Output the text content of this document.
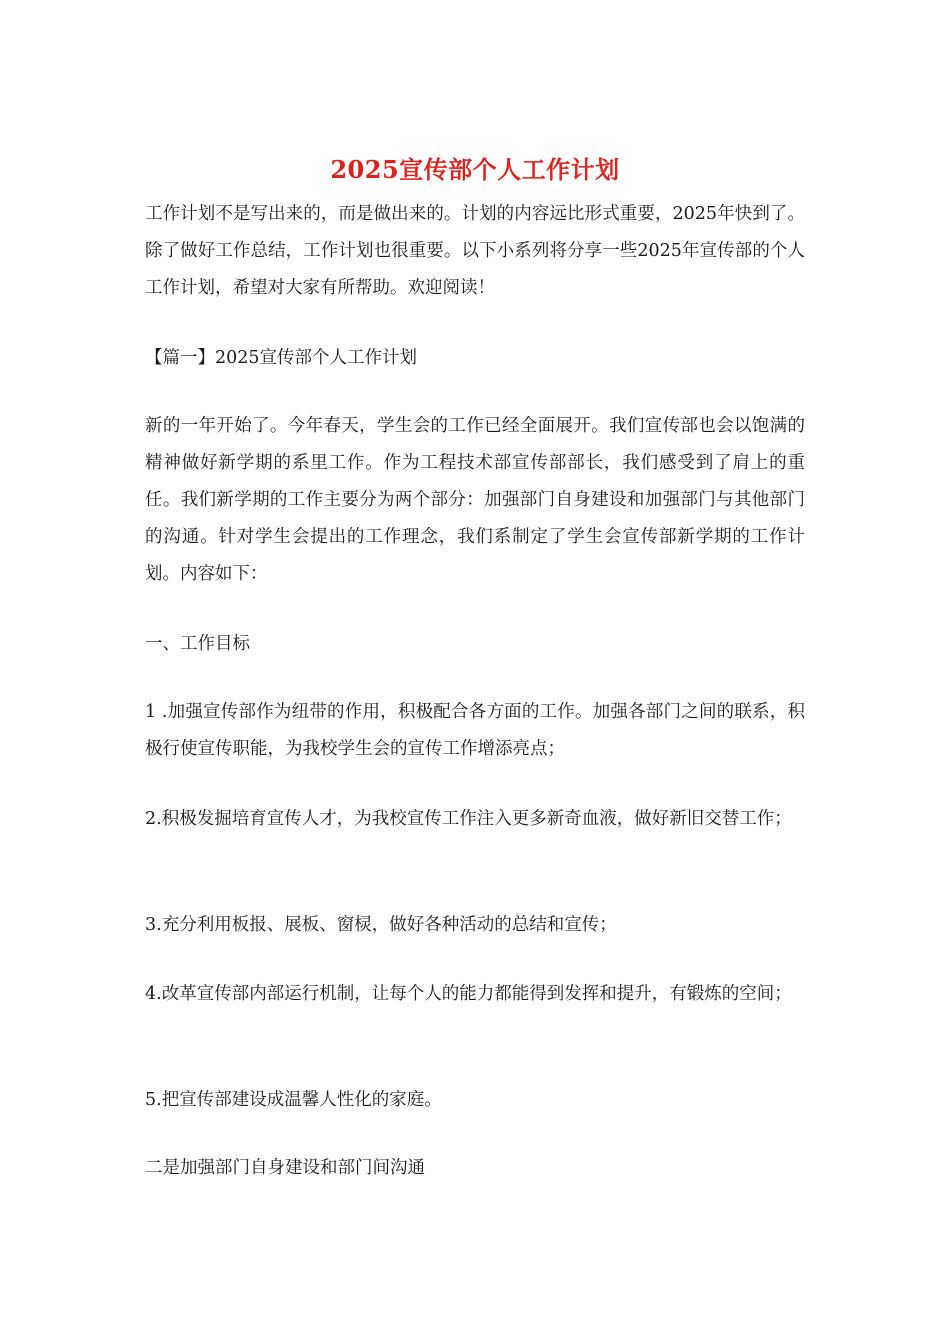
2025宣传部个人工作计划

工作计划不是写出来的，而是做出来的。计划的内容远比形式重要，2025年快到了。除了做好工作总结，工作计划也很重要。以下小系列将分享一些2025年宣传部的个人工作计划，希望对大家有所帮助。欢迎阅读！

【篇一】2025宣传部个人工作计划

新的一年开始了。今年春天，学生会的工作已经全面展开。我们宣传部也会以饱满的精神做好新学期的系里工作。作为工程技术部宣传部部长，我们感受到了肩上的重任。我们新学期的工作主要分为两个部分：加强部门自身建设和加强部门与其他部门的沟通。针对学生会提出的工作理念，我们系制定了学生会宣传部新学期的工作计划。内容如下：

一、工作目标

1 .加强宣传部作为纽带的作用，积极配合各方面的工作。加强各部门之间的联系，积极行使宣传职能，为我校学生会的宣传工作增添亮点；

2.积极发掘培育宣传人才，为我校宣传工作注入更多新奇血液，做好新旧交替工作；

3.充分利用板报、展板、窗棂，做好各种活动的总结和宣传；

4.改革宣传部内部运行机制，让每个人的能力都能得到发挥和提升，有锻炼的空间；

5.把宣传部建设成温馨人性化的家庭。

二是加强部门自身建设和部门间沟通
